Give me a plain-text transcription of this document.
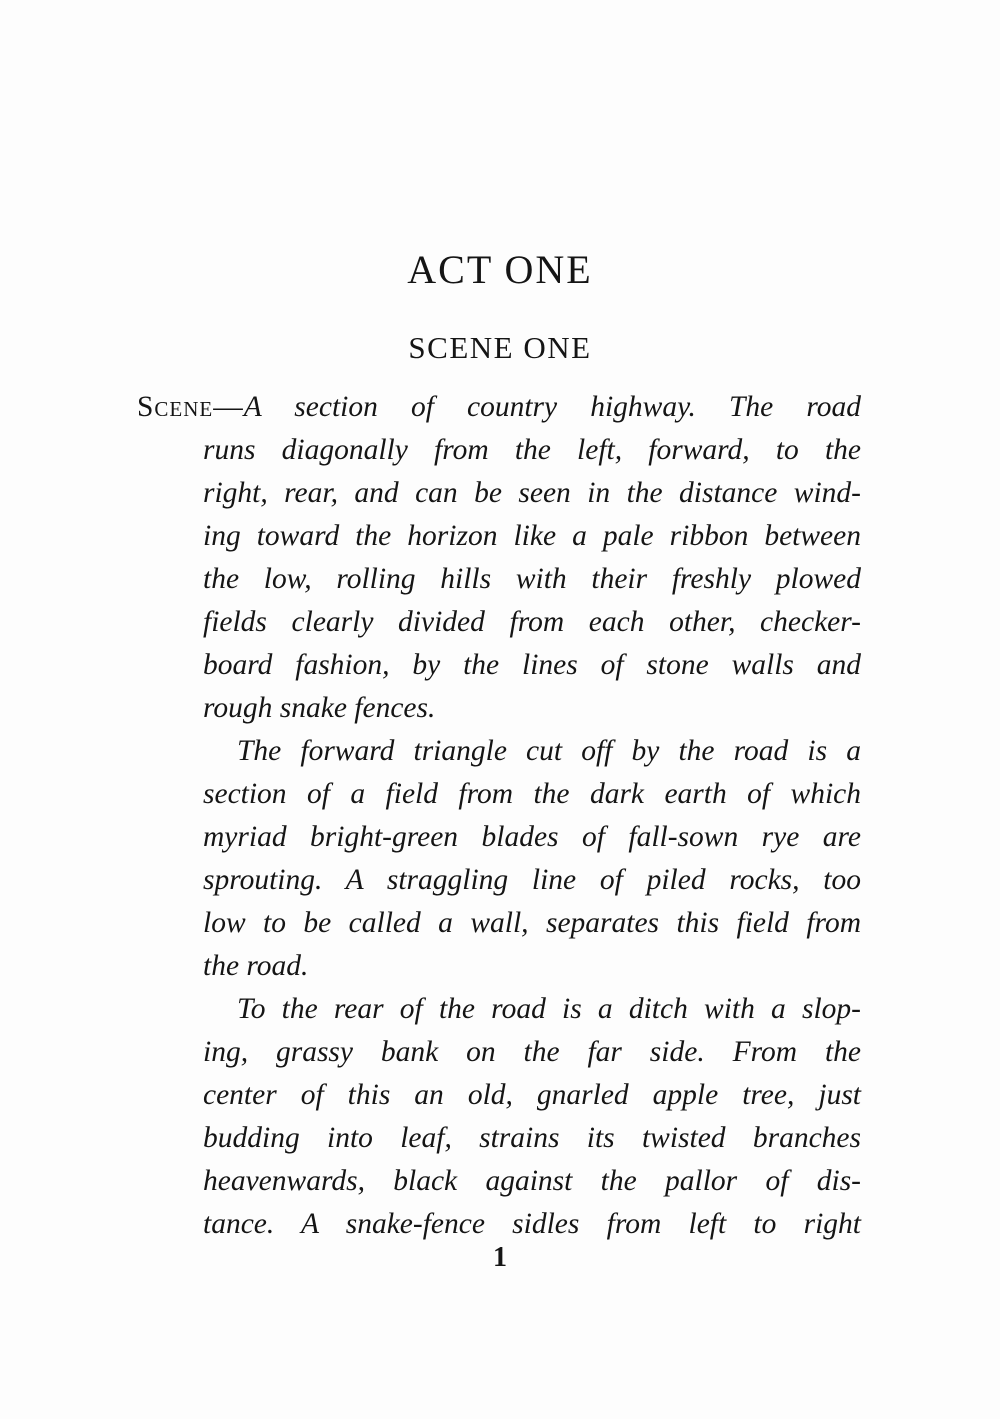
ACT ONE
SCENE ONE
Scene—A section of country highway. The road
runs diagonally from the left, forward, to the
right, rear, and can be seen in the distance wind-
ing toward the horizon like a pale ribbon between
the low, rolling hills with their freshly plowed
fields clearly divided from each other, checker-
board fashion, by the lines of stone walls and
rough snake fences.
The forward triangle cut off by the road is a
section of a field from the dark earth of which
myriad bright-green blades of fall-sown rye are
sprouting. A straggling line of piled rocks, too
low to be called a wall, separates this field from
the road.
To the rear of the road is a ditch with a slop-
ing, grassy bank on the far side. From the
center of this an old, gnarled apple tree, just
budding into leaf, strains its twisted branches
heavenwards, black against the pallor of dis-
tance. A snake-fence sidles from left to right
1
